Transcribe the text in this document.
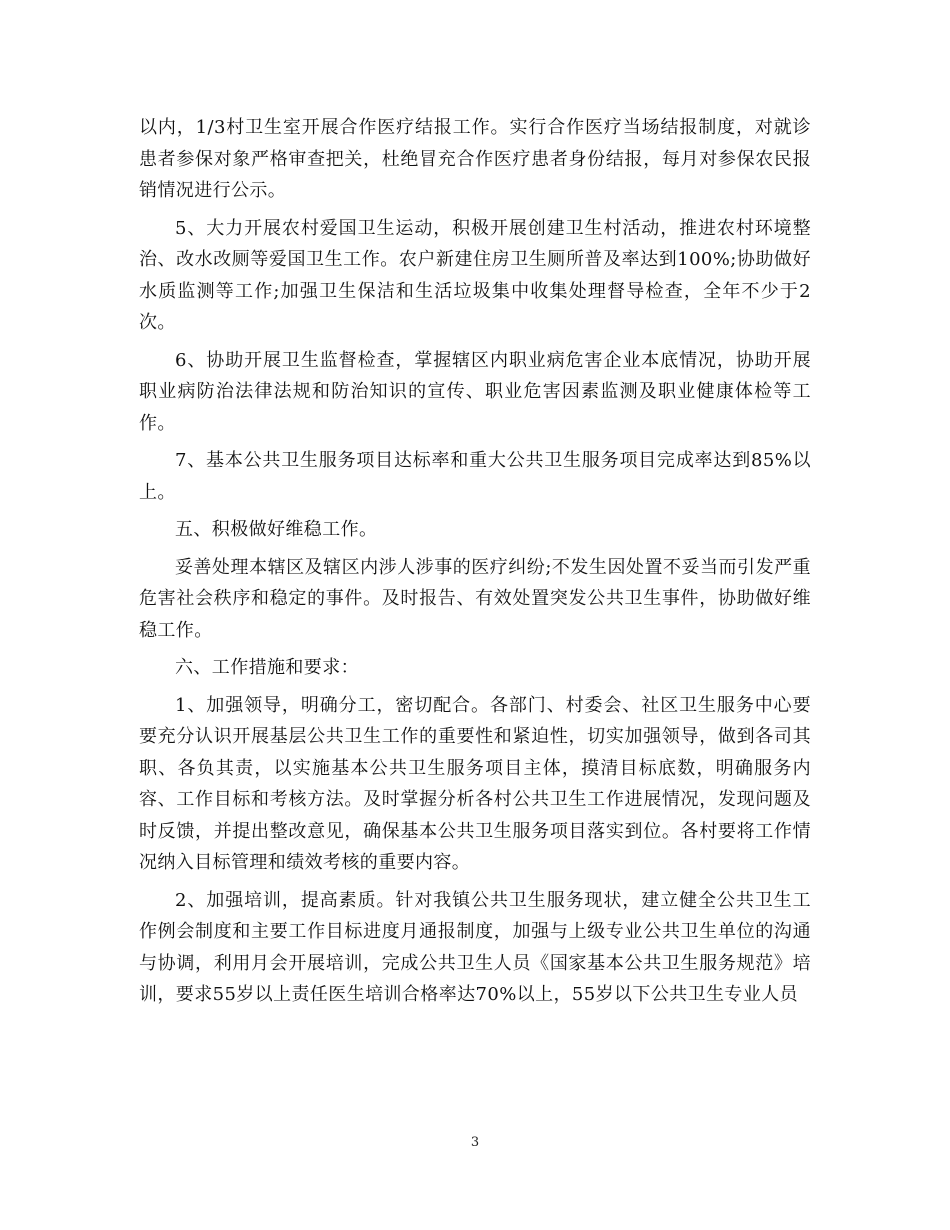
以内，1/3村卫生室开展合作医疗结报工作。实行合作医疗当场结报制度，对就诊患者参保对象严格审查把关，杜绝冒充合作医疗患者身份结报，每月对参保农民报销情况进行公示。

5、大力开展农村爱国卫生运动，积极开展创建卫生村活动，推进农村环境整治、改水改厕等爱国卫生工作。农户新建住房卫生厕所普及率达到100%;协助做好水质监测等工作;加强卫生保洁和生活垃圾集中收集处理督导检查，全年不少于2次。

6、协助开展卫生监督检查，掌握辖区内职业病危害企业本底情况，协助开展职业病防治法律法规和防治知识的宣传、职业危害因素监测及职业健康体检等工作。

7、基本公共卫生服务项目达标率和重大公共卫生服务项目完成率达到85%以上。

五、积极做好维稳工作。

妥善处理本辖区及辖区内涉人涉事的医疗纠纷;不发生因处置不妥当而引发严重危害社会秩序和稳定的事件。及时报告、有效处置突发公共卫生事件，协助做好维稳工作。

六、工作措施和要求：

1、加强领导，明确分工，密切配合。各部门、村委会、社区卫生服务中心要要充分认识开展基层公共卫生工作的重要性和紧迫性，切实加强领导，做到各司其职、各负其责，以实施基本公共卫生服务项目主体，摸清目标底数，明确服务内容、工作目标和考核方法。及时掌握分析各村公共卫生工作进展情况，发现问题及时反馈，并提出整改意见，确保基本公共卫生服务项目落实到位。各村要将工作情况纳入目标管理和绩效考核的重要内容。

2、加强培训，提高素质。针对我镇公共卫生服务现状，建立健全公共卫生工作例会制度和主要工作目标进度月通报制度，加强与上级专业公共卫生单位的沟通与协调，利用月会开展培训，完成公共卫生人员《国家基本公共卫生服务规范》培训，要求55岁以上责任医生培训合格率达70%以上，55岁以下公共卫生专业人员

3
